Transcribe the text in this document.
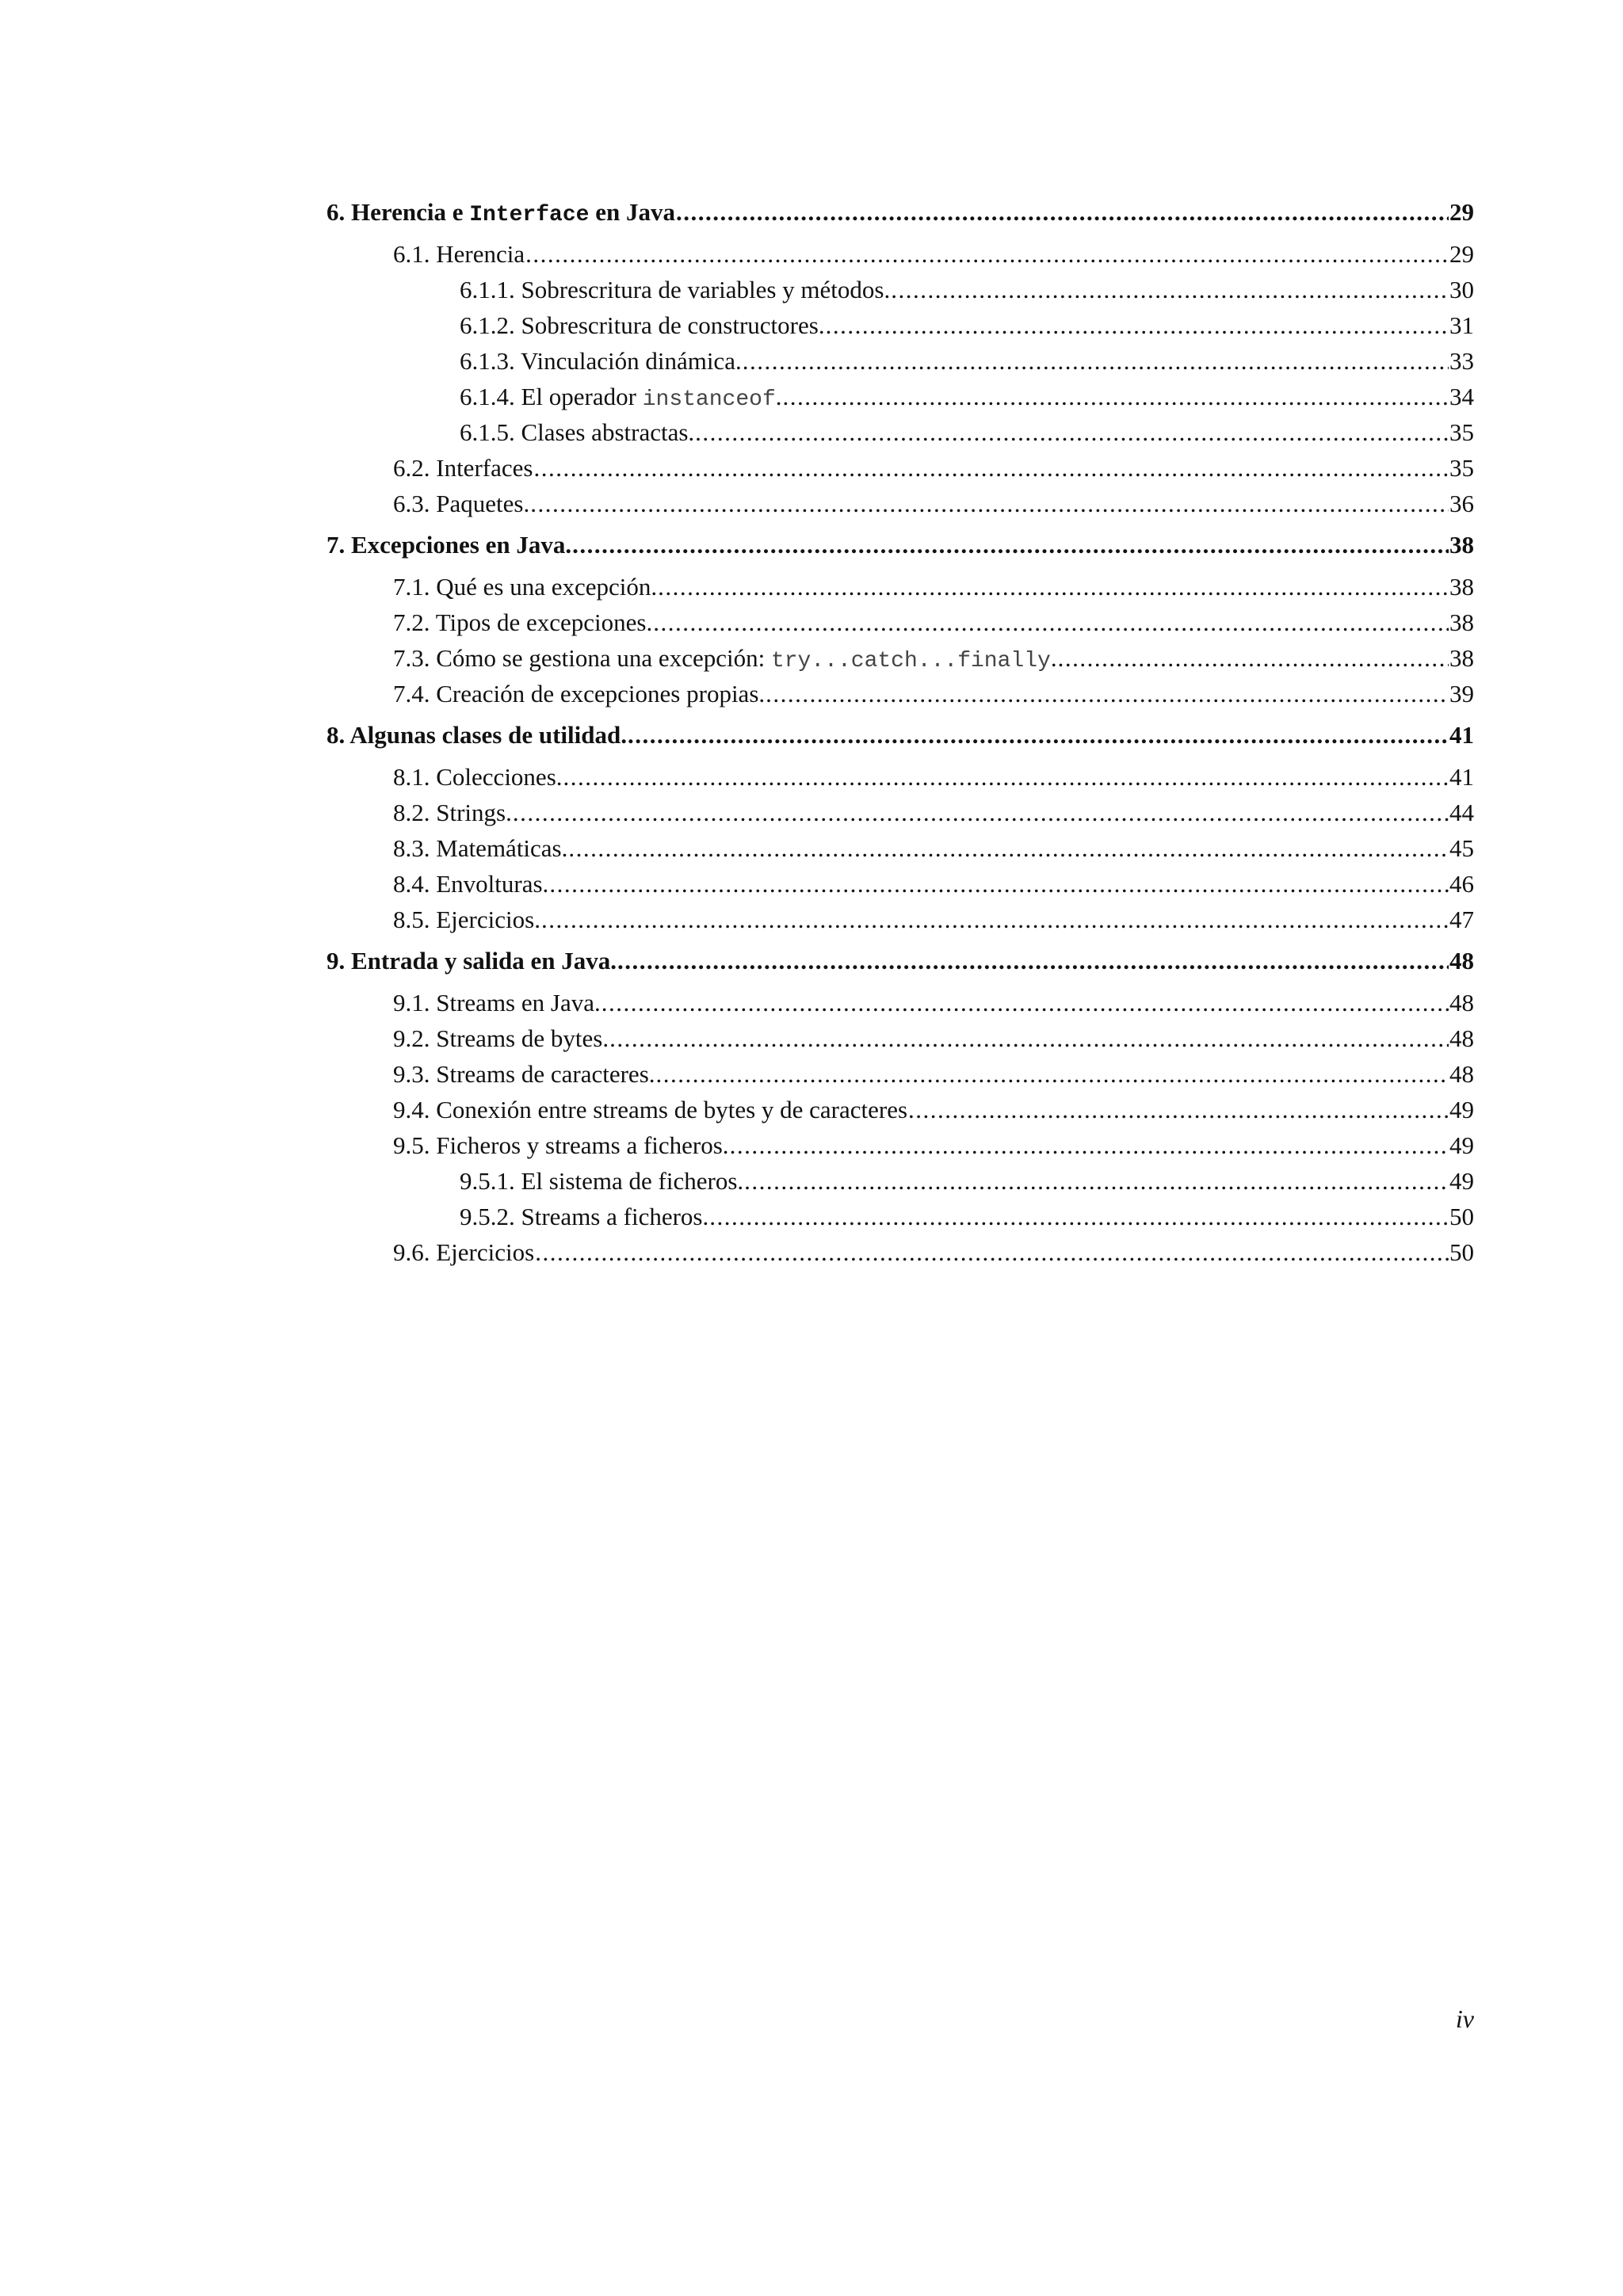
6. Herencia e Interface en Java .....	29
6.1. Herencia .....	29
6.1.1. Sobrescritura de variables y métodos. .....	30
6.1.2. Sobrescritura de constructores. .....	31
6.1.3. Vinculación dinámica. .....	33
6.1.4. El operador instanceof. .....	34
6.1.5. Clases abstractas. .....	35
6.2. Interfaces .....	35
6.3. Paquetes. .....	36
7. Excepciones en Java. .....	38
7.1. Qué es una excepción. .....	38
7.2. Tipos de excepciones. .....	38
7.3. Cómo se gestiona una excepción: try...catch...finally. .....	38
7.4. Creación de excepciones propias. .....	39
8. Algunas clases de utilidad. .....	41
8.1. Colecciones. .....	41
8.2. Strings. .....	44
8.3. Matemáticas. .....	45
8.4. Envolturas. .....	46
8.5. Ejercicios. .....	47
9. Entrada y salida en Java. .....	48
9.1. Streams en Java. .....	48
9.2. Streams de bytes. .....	48
9.3. Streams de caracteres. .....	48
9.4. Conexión entre streams de bytes y de caracteres .....	49
9.5. Ficheros y streams a ficheros. .....	49
9.5.1. El sistema de ficheros. .....	49
9.5.2. Streams a ficheros. .....	50
9.6. Ejercicios .....	50
iv
